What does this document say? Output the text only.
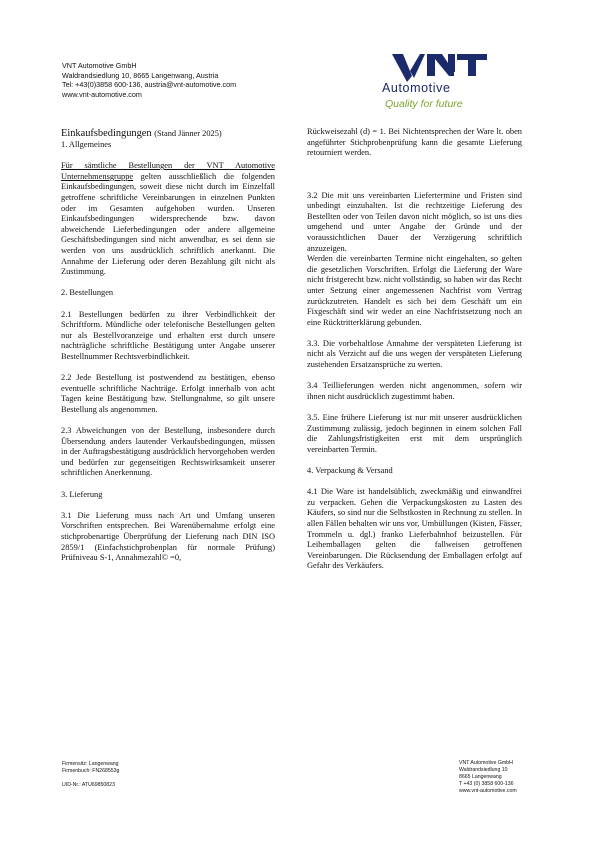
VNT Automotive GmbH
Waldrandsiedlung 10, 8665 Langenwang, Austria
Tel: +43(0)3858 600-136, austria@vnt-automotive.com
www.vnt-automotive.com	Automotive
Quality for future

Einkaufsbedingungen (Stand Jänner 2025)

1. Allgemeines

Für sämtliche Bestellungen der VNT Automotive Unternehmensgruppe gelten ausschließlich die folgenden Einkaufsbedingungen, soweit diese nicht durch im Einzelfall getroffene schriftliche Vereinbarungen in einzelnen Punkten oder im Gesamten aufgehoben wurden. Unseren Einkaufsbedingungen widersprechende bzw. davon abweichende Lieferbedingungen oder andere allgemeine Geschäftsbedingungen sind nicht anwendbar, es sei denn sie werden von uns ausdrücklich schriftlich anerkannt. Die Annahme der Lieferung oder deren Bezahlung gilt nicht als Zustimmung.

2. Bestellungen

2.1 Bestellungen bedürfen zu ihrer Verbindlichkeit der Schriftform. Mündliche oder telefonische Bestellungen gelten nur als Bestellvoranzeige und erhalten erst durch unsere nachträgliche schriftliche Bestätigung unter Angabe unserer Bestellnummer Rechtsverbindlichkeit.

2.2 Jede Bestellung ist postwendend zu bestätigen, ebenso eventuelle schriftliche Nachträge. Erfolgt innerhalb von acht Tagen keine Bestätigung bzw. Stellungnahme, so gilt unsere Bestellung als angenommen.

2.3 Abweichungen von der Bestellung, insbesondere durch Übersendung anders lautender Verkaufsbedingungen, müssen in der Auftragsbestätigung ausdrücklich hervorgehoben werden und bedürfen zur gegenseitigen Rechtswirksamkeit unserer schriftlichen Anerkennung.

3. Lieferung

3.1 Die Lieferung muss nach Art und Umfang unseren Vorschriften entsprechen. Bei Warenübernahme erfolgt eine stichprobenartige Überprüfung der Lieferung nach DIN ISO 2859/1 (Einfachstichprobenplan für normale Prüfung) Prüfniveau S-1, Annahmezahl© =0,

Rückweisezahl (d) = 1. Bei Nichtentsprechen der Ware lt. oben angeführter Stichprobenprüfung kann die gesamte Lieferung retourniert werden.

3.2 Die mit uns vereinbarten Liefertermine und Fristen sind unbedingt einzuhalten. Ist die rechtzeitige Lieferung des Bestellten oder von Teilen davon nicht möglich, so ist uns dies umgehend und unter Angabe der Gründe und der voraussichtlichen Dauer der Verzögerung schriftlich anzuzeigen.

Werden die vereinbarten Termine nicht eingehalten, so gelten die gesetzlichen Vorschriften. Erfolgt die Lieferung der Ware nicht fristgerecht bzw. nicht vollständig, so haben wir das Recht unter Setzung einer angemessenen Nachfrist vom Vertrag zurückzutreten. Handelt es sich bei dem Geschäft um ein Fixgeschäft sind wir weder an eine Nachfristsetzung noch an eine Rücktritterklärung gebunden.

3.3. Die vorbehaltlose Annahme der verspäteten Lieferung ist nicht als Verzicht auf die uns wegen der verspäteten Lieferung zustehenden Ersatzansprüche zu werten.

3.4 Teillieferungen werden nicht angenommen, sofern wir ihnen nicht ausdrücklich zugestimmt haben.

3.5. Eine frühere Lieferung ist nur mit unserer ausdrücklichen Zustimmung zulässig, jedoch beginnen in einem solchen Fall die Zahlungsfristigkeiten erst mit dem ursprünglich vereinbarten Termin.

4. Verpackung & Versand

4.1 Die Ware ist handelsüblich, zweckmäßig und einwandfrei zu verpacken. Gehen die Verpackungskosten zu Lasten des Käufers, so sind nur die Selbstkosten in Rechnung zu stellen. In allen Fällen behalten wir uns vor, Umbüllungen (Kisten, Fässer, Trommeln u. dgl.) franko Lieferbahnhof beizustellen. Für Leihemballagen gelten die fallweisen getroffenen Vereinbarungen. Die Rücksendung der Emballagen erfolgt auf Gefahr des Verkäufers.

Firmensitz: Langenwang
Firmenbuch: FN268553g

UID-Nr.: ATU69850823
VNT Automotive GmbH
Waldrandsiedlung 10
8665 Langenwang
T +43 (0) 3858 600-136
www.vnt-automotive.com
